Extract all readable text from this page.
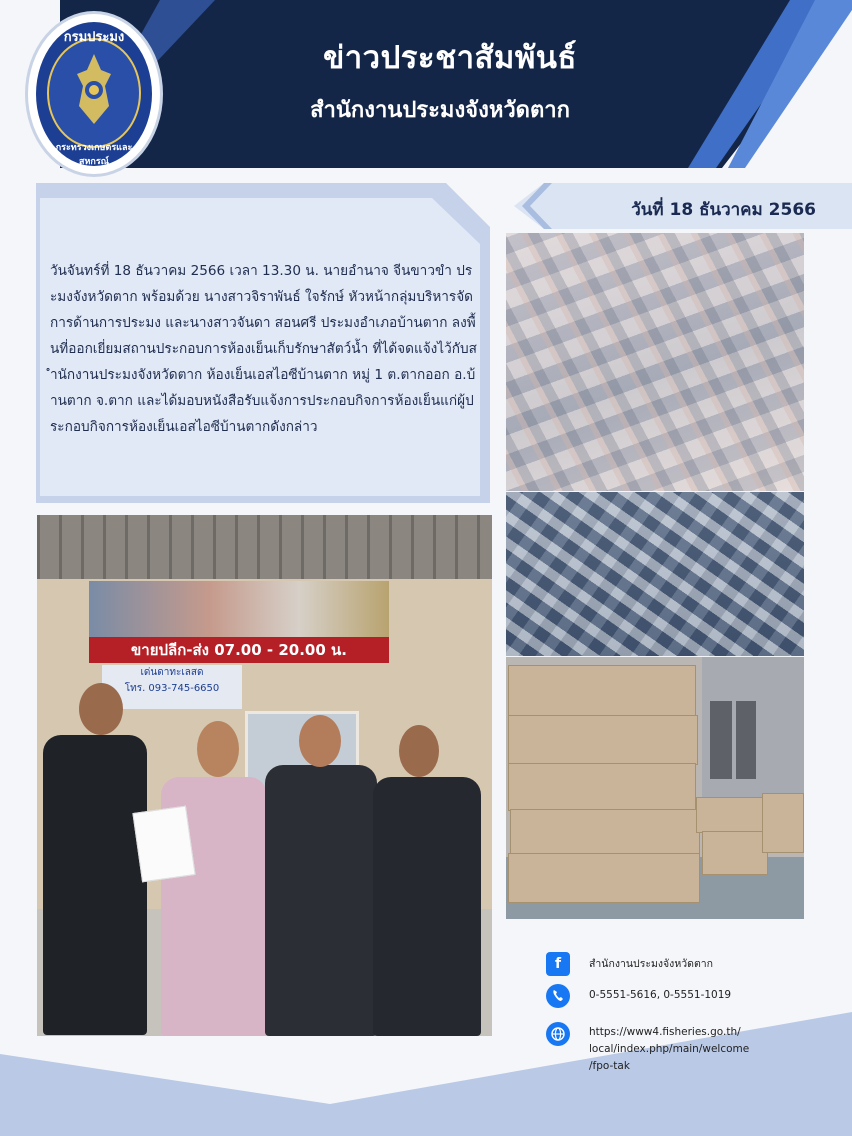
ข่าวประชาสัมพันธ์
สำนักงานประมงจังหวัดตาก
กรมประมง
กระทรวงเกษตรและ สหกรณ์

วันจันทร์ที่ 18 ธันวาคม 2566 เวลา 13.30 น. นายอำนาจ จีนขาวขำ ประมงจังหวัดตาก พร้อมด้วย นางสาวจิราพันธ์ ใจรักษ์ หัวหน้ากลุ่มบริหารจัดการด้านการประมง และนางสาวจันดา สอนศรี ประมงอำเภอบ้านตาก ลงพื้นที่ออกเยี่ยมสถานประกอบการห้องเย็นเก็บรักษาสัตว์น้ำ ที่ได้จดแจ้งไว้กับสำนักงานประมงจังหวัดตาก ห้องเย็นเอสไอซีบ้านตาก หมู่ 1 ต.ตากออก อ.บ้านตาก จ.ตาก และได้มอบหนังสือรับแจ้งการประกอบกิจการห้องเย็นแก่ผู้ประกอบกิจการห้องเย็นเอสไอซีบ้านตากดังกล่าว

วันที่ 18 ธันวาคม 2566
ขายปลีก-ส่ง 07.00 - 20.00 น.
เด่นดาทะเลสด
โทร. 093-745-6650
f	สำนักงานประมงจังหวัดตาก
0-5551-5616, 0-5551-1019
https://www4.fisheries.go.th/
local/index.php/main/welcome
/fpo-tak
